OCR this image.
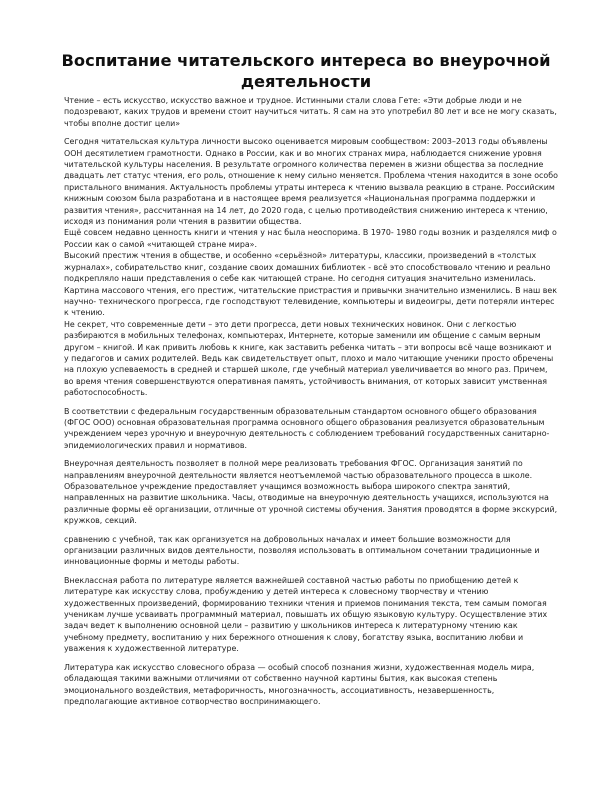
Воспитание читательского интереса во внеурочной деятельности

Чтение – есть искусство, искусство важное и трудное. Истинными стали слова Гете: «Эти добрые люди и не подозревают, каких трудов и времени стоит научиться читать. Я сам на это употребил 80 лет и все не могу сказать, чтобы вполне достиг цели»

Сегодня читательская культура личности высоко оценивается мировым сообществом: 2003–2013 годы объявлены ООН десятилетием грамотности. Однако в России, как и во многих странах мира, наблюдается снижение уровня читательской культуры населения. В результате огромного количества перемен в жизни общества за последние двадцать лет статус чтения, его роль, отношение к нему сильно меняется. Проблема чтения находится в зоне особо пристального внимания. Актуальность проблемы утраты интереса к чтению вызвала реакцию в стране. Российским книжным союзом была разработана и в настоящее время реализуется «Национальная программа поддержки и развития чтения», рассчитанная на 14 лет, до 2020 года, с целью противодействия снижению интереса к чтению, исходя из понимания роли чтения в развитии общества.

Ещё совсем недавно ценность книги и чтения у нас была неоспорима. В 1970- 1980 годы возник и разделялся миф о России как о самой «читающей стране мира».

Высокий престиж чтения в обществе, и особенно «серьёзной» литературы, классики, произведений в «толстых журналах», собирательство книг, создание своих домашних библиотек - всё это способствовало чтению и реально подкрепляло наши представления о себе как читающей стране. Но сегодня ситуация значительно изменилась. Картина массового чтения, его престиж, читательские пристрастия и привычки значительно изменились. В наш век научно- технического прогресса, где господствуют телевидение, компьютеры и видеоигры, дети потеряли интерес к чтению.

Не секрет, что современные дети – это дети прогресса, дети новых технических новинок. Они с легкостью разбираются в мобильных телефонах, компьютерах, Интернете, которые заменили им общение с самым верным другом – книгой. И как привить любовь к книге, как заставить ребенка читать – эти вопросы всё чаще возникают и у педагогов и самих родителей. Ведь как свидетельствует опыт, плохо и мало читающие ученики просто обречены на плохую успеваемость в средней и старшей школе, где учебный материал увеличивается во много раз. Причем, во время чтения совершенствуются оперативная память, устойчивость внимания, от которых зависит умственная работоспособность.

В соответствии с федеральным государственным образовательным стандартом основного общего образования (ФГОС ООО) основная образовательная программа основного общего образования реализуется образовательным учреждением через урочную и внеурочную деятельность с соблюдением требований государственных санитарно-эпидемиологических правил и нормативов.

Внеурочная деятельность позволяет в полной мере реализовать требования ФГОС. Организация занятий по направлениям внеурочной деятельности является неотъемлемой частью образовательного процесса в школе. Образовательное учреждение предоставляет учащимся возможность выбора широкого спектра занятий, направленных на развитие школьника. Часы, отводимые на внеурочную деятельность учащихся, используются на различные формы её организации, отличные от урочной системы обучения. Занятия проводятся в форме экскурсий, кружков, секций.

сравнению с учебной, так как организуется на добровольных началах и имеет большие возможности для организации различных видов деятельности, позволяя использовать в оптимальном сочетании традиционные и инновационные формы и методы работы.

Внеклассная работа по литературе является важнейшей составной частью работы по приобщению детей к литературе как искусству слова, пробуждению у детей интереса к словесному творчеству и чтению художественных произведений, формированию техники чтения и приемов понимания текста, тем самым помогая ученикам лучше усваивать программный материал, повышать их общую языковую культуру. Осуществление этих задач ведет к выполнению основной цели – развитию у школьников интереса к литературному чтению как учебному предмету, воспитанию у них бережного отношения к слову, богатству языка, воспитанию любви и уважения к художественной литературе.

Литература как искусство словесного образа — особый способ познания жизни, художественная модель мира, обладающая такими важными отличиями от собственно научной картины бытия, как высокая степень эмоционального воздействия, метафоричность, многозначность, ассоциативность, незавершенность, предполагающие активное сотворчество воспринимающего.
